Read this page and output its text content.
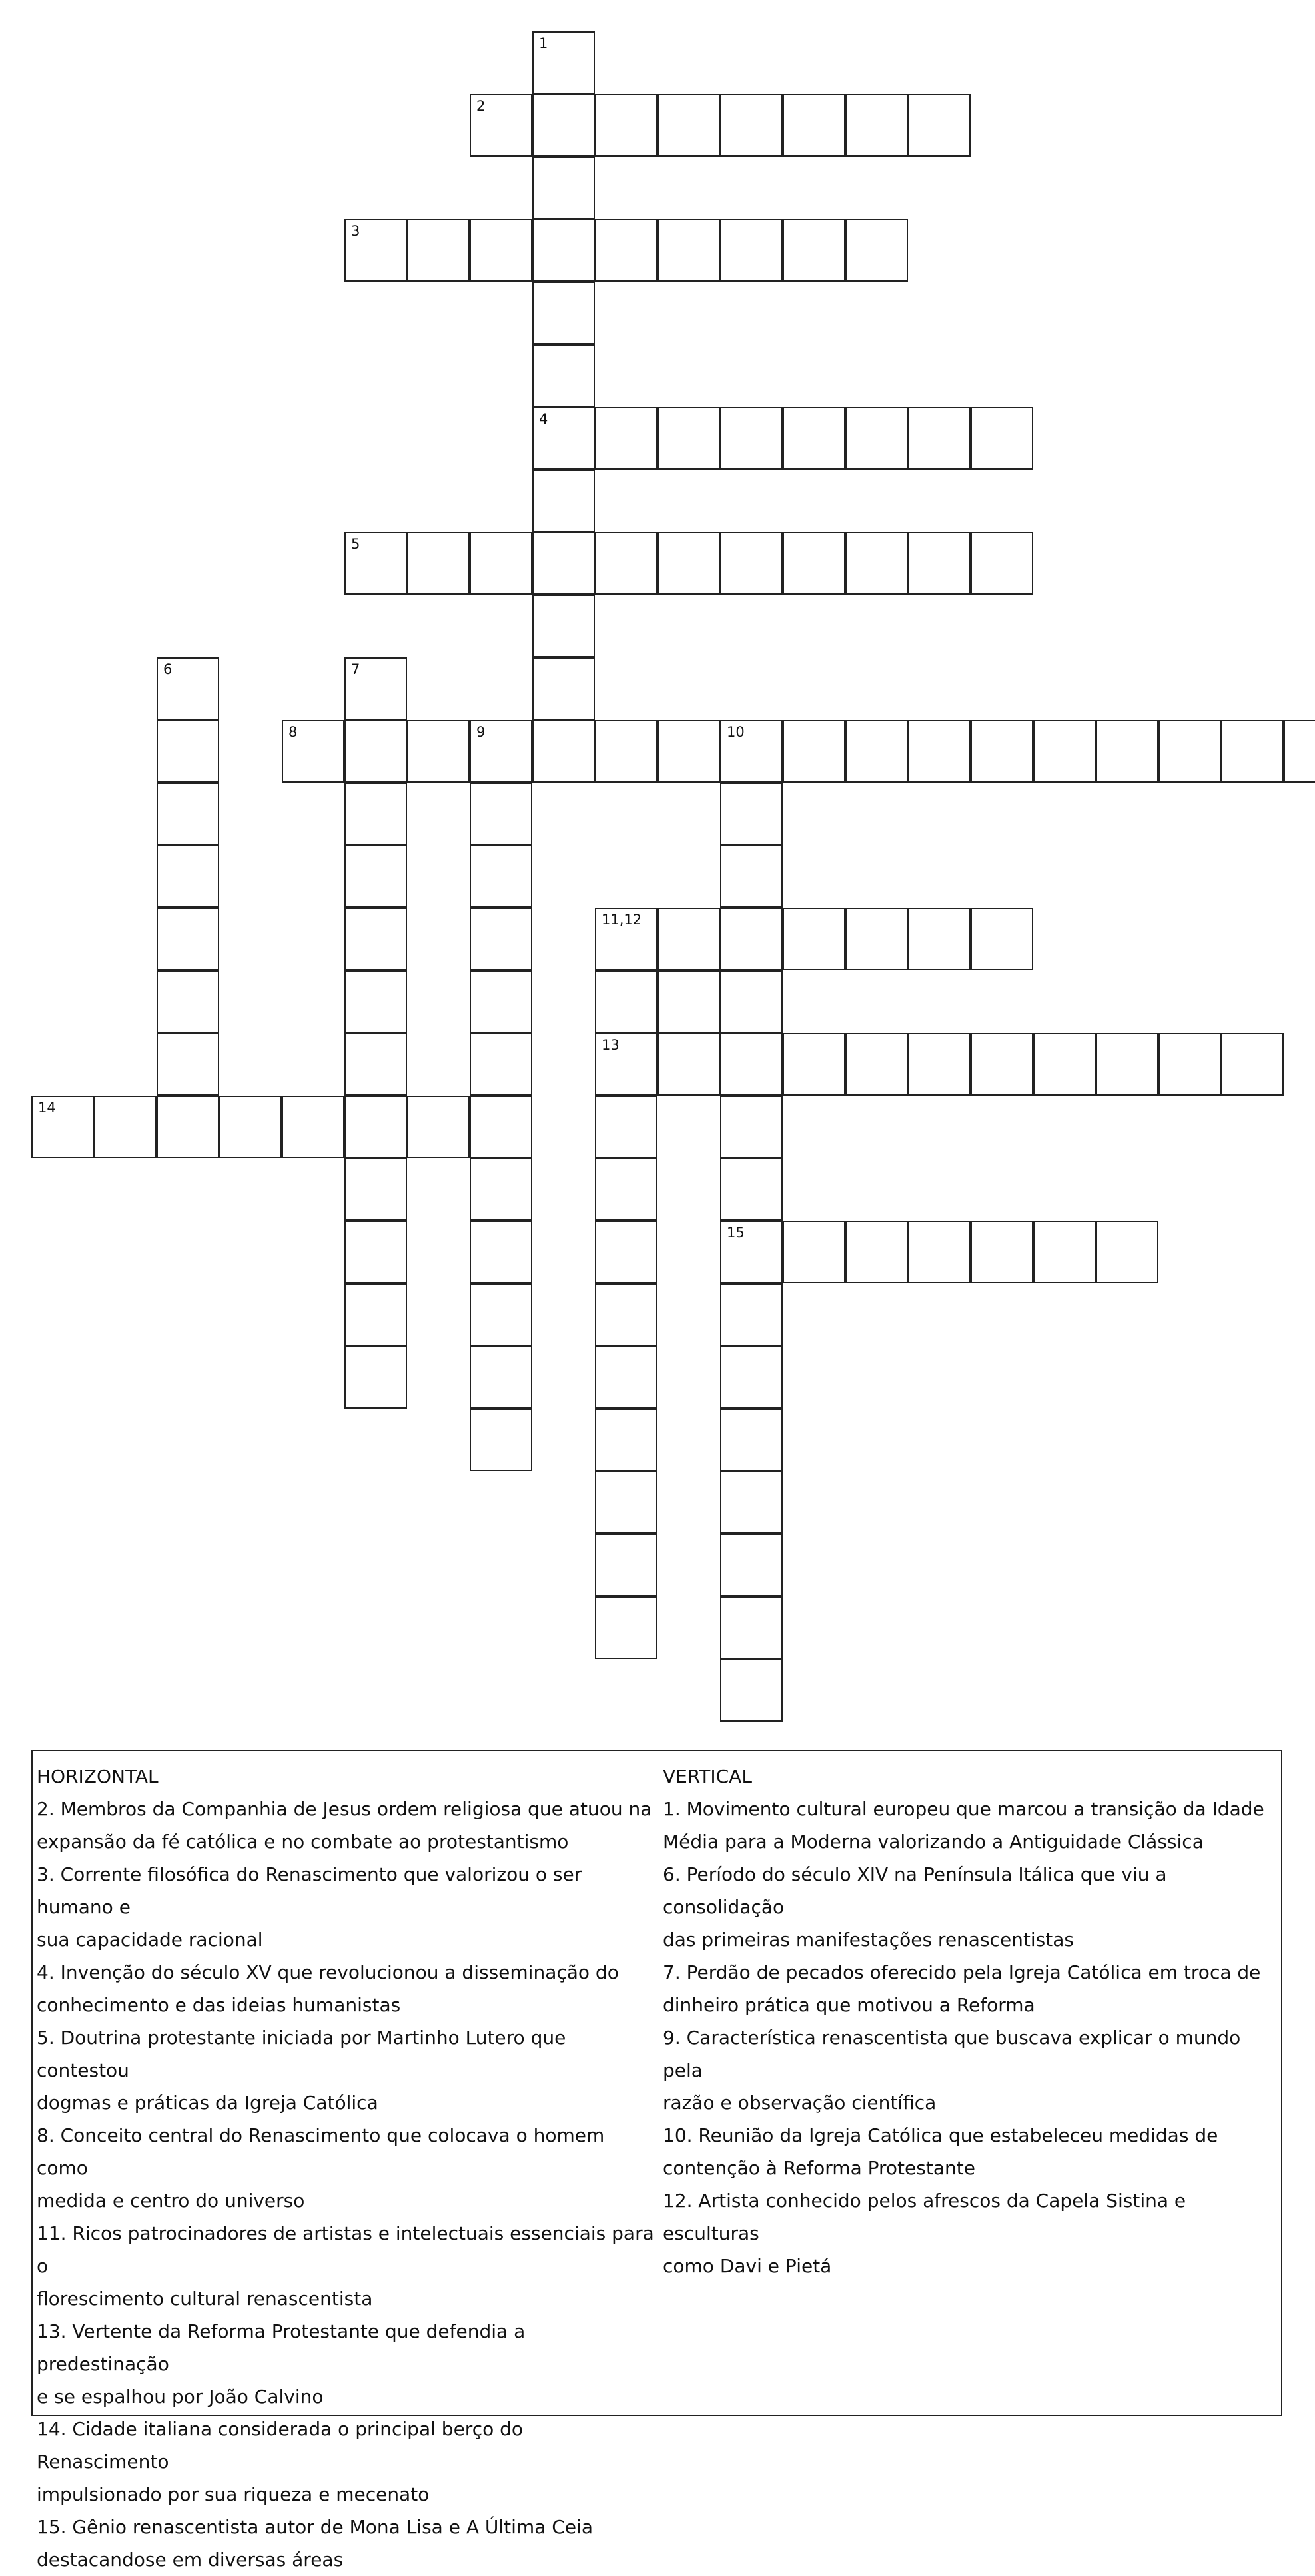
1
2
3
4
5
6	7
8	9	10
11,12
13
14
15
HORIZONTAL
2. Membros da Companhia de Jesus ordem religiosa que atuou na
expansão da fé católica e no combate ao protestantismo
3. Corrente filosófica do Renascimento que valorizou o ser humano e
sua capacidade racional
4. Invenção do século XV que revolucionou a disseminação do
conhecimento e das ideias humanistas
5. Doutrina protestante iniciada por Martinho Lutero que contestou
dogmas e práticas da Igreja Católica
8. Conceito central do Renascimento que colocava o homem como
medida e centro do universo
11. Ricos patrocinadores de artistas e intelectuais essenciais para o
florescimento cultural renascentista
13. Vertente da Reforma Protestante que defendia a predestinação
e se espalhou por João Calvino
14. Cidade italiana considerada o principal berço do Renascimento
impulsionado por sua riqueza e mecenato
15. Gênio renascentista autor de Mona Lisa e A Última Ceia
destacandose em diversas áreas
VERTICAL
1. Movimento cultural europeu que marcou a transição da Idade
Média para a Moderna valorizando a Antiguidade Clássica
6. Período do século XIV na Península Itálica que viu a consolidação
das primeiras manifestações renascentistas
7. Perdão de pecados oferecido pela Igreja Católica em troca de
dinheiro prática que motivou a Reforma
9. Característica renascentista que buscava explicar o mundo pela
razão e observação científica
10. Reunião da Igreja Católica que estabeleceu medidas de
contenção à Reforma Protestante
12. Artista conhecido pelos afrescos da Capela Sistina e esculturas
como Davi e Pietá
